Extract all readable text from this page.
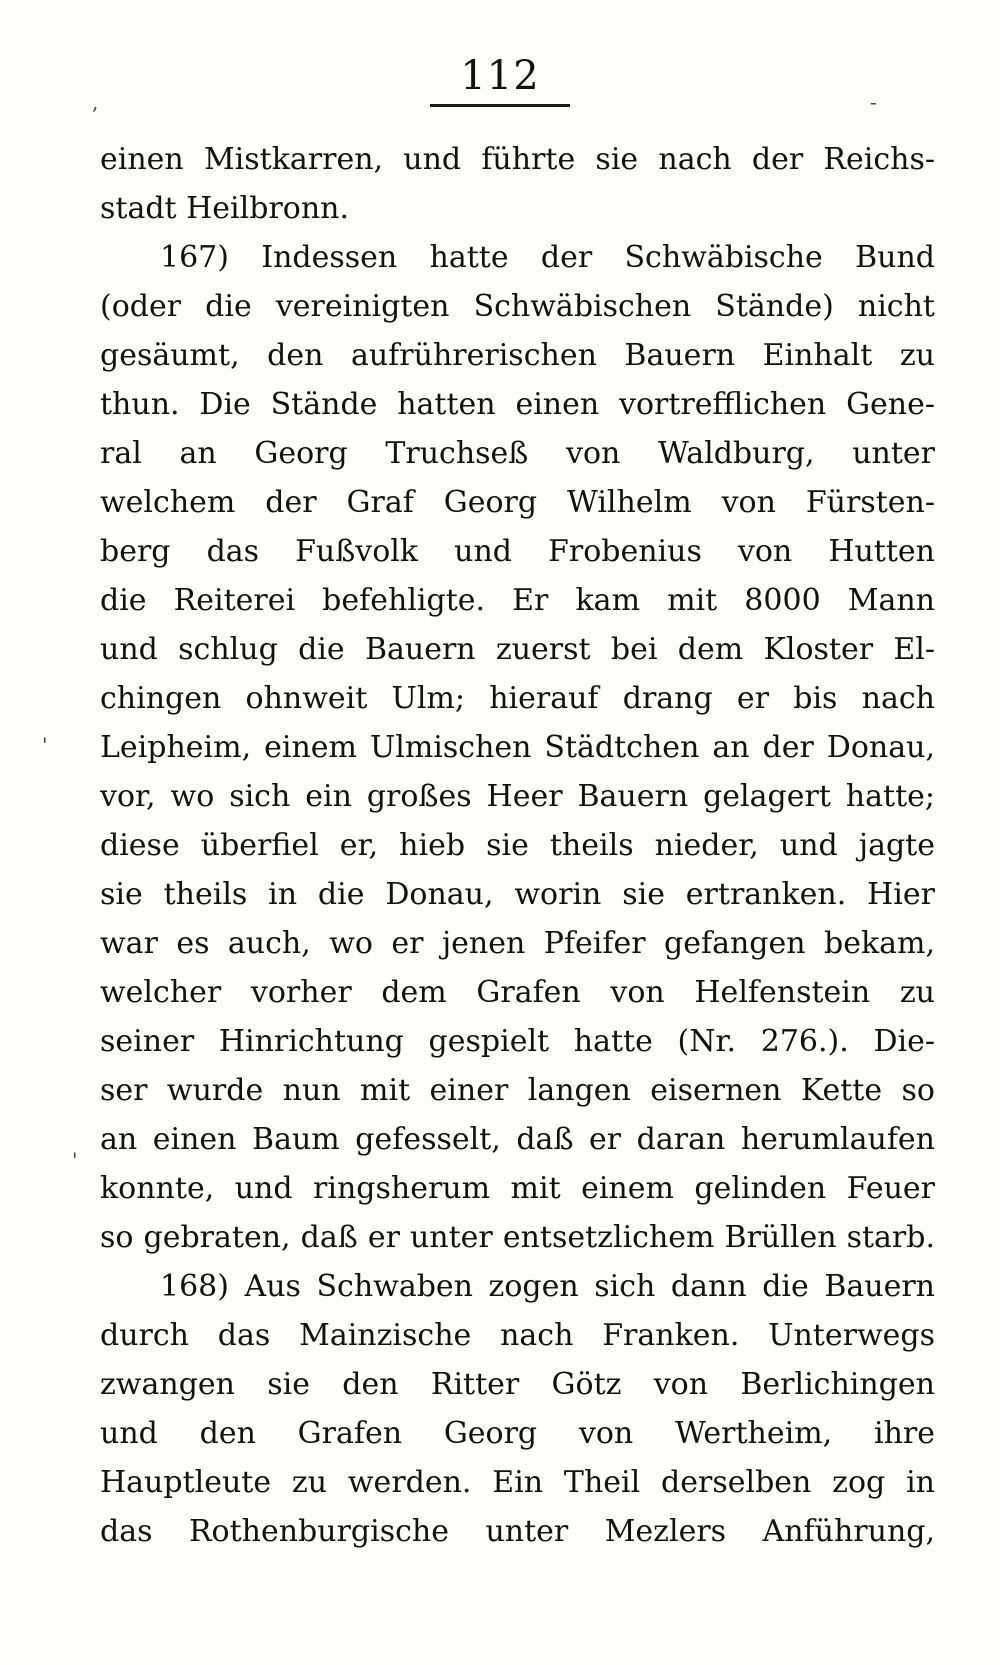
112
einen Mistkarren, und führte sie nach der Reichs-
stadt Heilbronn.
167) Indessen hatte der Schwäbische Bund
(oder die vereinigten Schwäbischen Stände) nicht
gesäumt, den aufrührerischen Bauern Einhalt zu
thun. Die Stände hatten einen vortrefflichen Gene-
ral an Georg Truchseß von Waldburg, unter
welchem der Graf Georg Wilhelm von Fürsten-
berg das Fußvolk und Frobenius von Hutten
die Reiterei befehligte. Er kam mit 8000 Mann
und schlug die Bauern zuerst bei dem Kloster El-
chingen ohnweit Ulm; hierauf drang er bis nach
Leipheim, einem Ulmischen Städtchen an der Donau,
vor, wo sich ein großes Heer Bauern gelagert hatte;
diese überfiel er, hieb sie theils nieder, und jagte
sie theils in die Donau, worin sie ertranken. Hier
war es auch, wo er jenen Pfeifer gefangen bekam,
welcher vorher dem Grafen von Helfenstein zu
seiner Hinrichtung gespielt hatte (Nr. 276.). Die-
ser wurde nun mit einer langen eisernen Kette so
an einen Baum gefesselt, daß er daran herumlaufen
konnte, und ringsherum mit einem gelinden Feuer
so gebraten, daß er unter entsetzlichem Brüllen starb.
168) Aus Schwaben zogen sich dann die Bauern
durch das Mainzische nach Franken. Unterwegs
zwangen sie den Ritter Götz von Berlichingen
und den Grafen Georg von Wertheim, ihre
Hauptleute zu werden. Ein Theil derselben zog in
das Rothenburgische unter Mezlers Anführung,
,
'
'
-
